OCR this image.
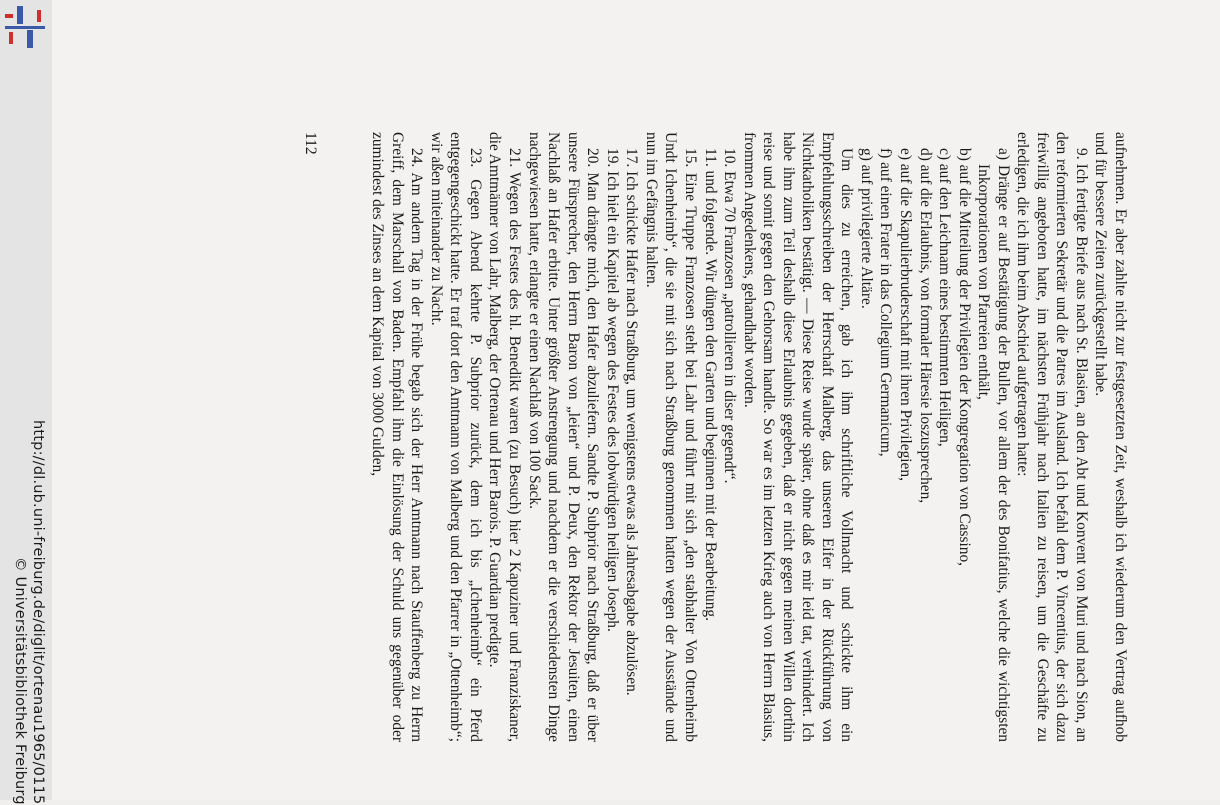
http://dl.ub.uni-freiburg.de/diglit/ortenau1965/0115
© Universitätsbibliothek Freiburg	aufnehmen. Er aber zahlte nicht zur festgesetzten Zeit, weshalb ich wiederum den Vertrag aufhob und für bessere Zeiten zurückgestellt habe.

9. Ich fertigte Briefe aus nach St. Blasien, an den Abt und Konvent von Muri und nach Sion, an den reformierten Sekretär und die Patres im Ausland. Ich befahl dem P. Vincentius, der sich dazu freiwillig angeboten hatte, im nächsten Frühjahr nach Italien zu reisen, um die Geschäfte zu erledigen, die ich ihm beim Abschied aufgetragen hatte:

a) Dränge er auf Bestätigung der Bullen, vor allem der des Bonifatius, welche die wichtigsten Inkorporationen von Pfarreien enthält,

b) auf die Mitteilung der Privilegien der Kongregation von Cassino,

c) auf den Leichnam eines bestimmten Heiligen,

d) auf die Erlaubnis, von formaler Häresie loszusprechen,

e) auf die Skapulierbruderschaft mit ihren Privilegien,

f) auf einen Frater in das Collegium Germanicum,

g) auf privilegierte Altäre.

Um dies zu erreichen, gab ich ihm schriftliche Vollmacht und schickte ihm ein Empfehlungsschreiben der Herrschaft Malberg, das unseren Eifer in der Rückführung von Nichtkatholiken bestätigt. — Diese Reise wurde später, ohne daß es mir leid tat, verhindert. Ich habe ihm zum Teil deshalb diese Erlaubnis gegeben, daß er nicht gegen meinen Willen dorthin reise und somit gegen den Gehorsam handle. So war es im letzten Krieg auch von Herrn Blasius, frommen Angedenkens, gehandhabt worden.

10. Etwa 70 Franzosen „patrollieren in diser gegendt“.

11. und folgende. Wir düngen den Garten und beginnen mit der Bearbeitung.

15. Eine Truppe Franzosen steht bei Lahr und führt mit sich „den stabhalter Von Ottenheimb Undt Ichenheimb“, die sie mit sich nach Straßburg genommen hatten wegen der Ausstände und nun im Gefängnis halten.

17. Ich schickte Hafer nach Straßburg, um wenigstens etwas als Jahresabgabe abzulösen.

19. Ich hielt ein Kapitel ab wegen des Festes des lobwürdigen heiligen Joseph.

20. Man drängte mich, den Hafer abzuliefern. Sandte P. Subprior nach Straßburg, daß er über unsere Fürsprecher, den Herrn Baron von „leien“ und P. Deux, den Rektor der Jesuiten, einen Nachlaß an Hafer erbitte. Unter größter Anstrengung und nachdem er die verschiedensten Dinge nachgewiesen hatte, erlangte er einen Nachlaß von 100 Sack.

21. Wegen des Festes des hl. Benedikt waren (zu Besuch) hier 2 Kapuziner und Franziskaner, die Amtmänner von Lahr, Malberg, der Ortenau und Herr Barois. P. Guardian predigte.

23. Gegen Abend kehrte P. Subprior zurück, dem ich bis „Ichenheimb“ ein Pferd entgegengeschickt hatte. Er traf dort den Amtmann von Malberg und den Pfarrer in „Ottenheimb“; wir aßen miteinander zu Nacht.

24. Am andern Tag in der Frühe begab sich der Herr Amtmann nach Stauffenberg zu Herrn Greiff, dem Marschall von Baden. Empfahl ihm die Einlösung der Schuld uns gegenüber oder zumindest des Zinses an dem Kapital von 3000 Gulden,

112
